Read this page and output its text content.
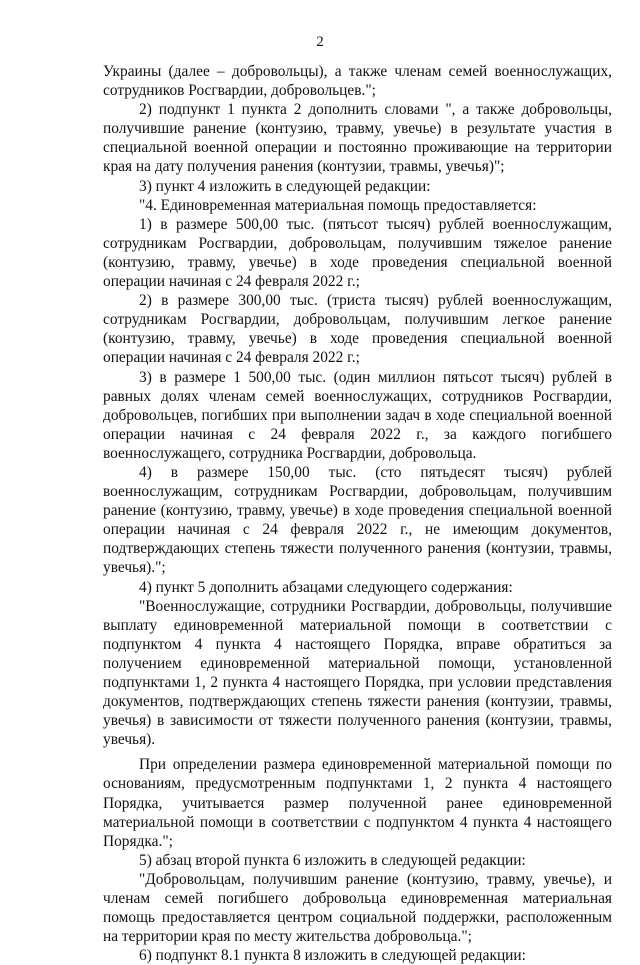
2

Украины (далее – добровольцы), а также членам семей военнослужащих, сотрудников Росгвардии, добровольцев.";

2) подпункт 1 пункта 2 дополнить словами ", а также добровольцы, получившие ранение (контузию, травму, увечье) в результате участия в специальной военной операции и постоянно проживающие на территории края на дату получения ранения (контузии, травмы, увечья)";

3) пункт 4 изложить в следующей редакции:

"4. Единовременная материальная помощь предоставляется:

1) в размере 500,00 тыс. (пятьсот тысяч) рублей военнослужащим, сотрудникам Росгвардии, добровольцам, получившим тяжелое ранение (контузию, травму, увечье) в ходе проведения специальной военной операции начиная с 24 февраля 2022 г.;

2) в размере 300,00 тыс. (триста тысяч) рублей военнослужащим, сотрудникам Росгвардии, добровольцам, получившим легкое ранение (контузию, травму, увечье) в ходе проведения специальной военной операции начиная с 24 февраля 2022 г.;

3) в размере 1 500,00 тыс. (один миллион пятьсот тысяч) рублей в равных долях членам семей военнослужащих, сотрудников Росгвардии, добровольцев, погибших при выполнении задач в ходе специальной военной операции начиная с 24 февраля 2022 г., за каждого погибшего военнослужащего, сотрудника Росгвардии, добровольца.

4) в размере 150,00 тыс. (сто пятьдесят тысяч) рублей военнослужащим, сотрудникам Росгвардии, добровольцам, получившим ранение (контузию, травму, увечье) в ходе проведения специальной военной операции начиная с 24 февраля 2022 г., не имеющим документов, подтверждающих степень тяжести полученного ранения (контузии, травмы, увечья).";

4) пункт 5 дополнить абзацами следующего содержания:

"Военнослужащие, сотрудники Росгвардии, добровольцы, получившие выплату единовременной материальной помощи в соответствии с подпунктом 4 пункта 4 настоящего Порядка, вправе обратиться за получением единовременной материальной помощи, установленной подпунктами 1, 2 пункта 4 настоящего Порядка, при условии представления документов, подтверждающих степень тяжести ранения (контузии, травмы, увечья) в зависимости от тяжести полученного ранения (контузии, травмы, увечья).

При определении размера единовременной материальной помощи по основаниям, предусмотренным подпунктами 1, 2 пункта 4 настоящего Порядка, учитывается размер полученной ранее единовременной материальной помощи в соответствии с подпунктом 4 пункта 4 настоящего Порядка.";

5) абзац второй пункта 6 изложить в следующей редакции:

"Добровольцам, получившим ранение (контузию, травму, увечье), и членам семей погибшего добровольца единовременная материальная помощь предоставляется центром социальной поддержки, расположенным на территории края по месту жительства добровольца.";

6) подпункт 8.1 пункта 8 изложить в следующей редакции:
